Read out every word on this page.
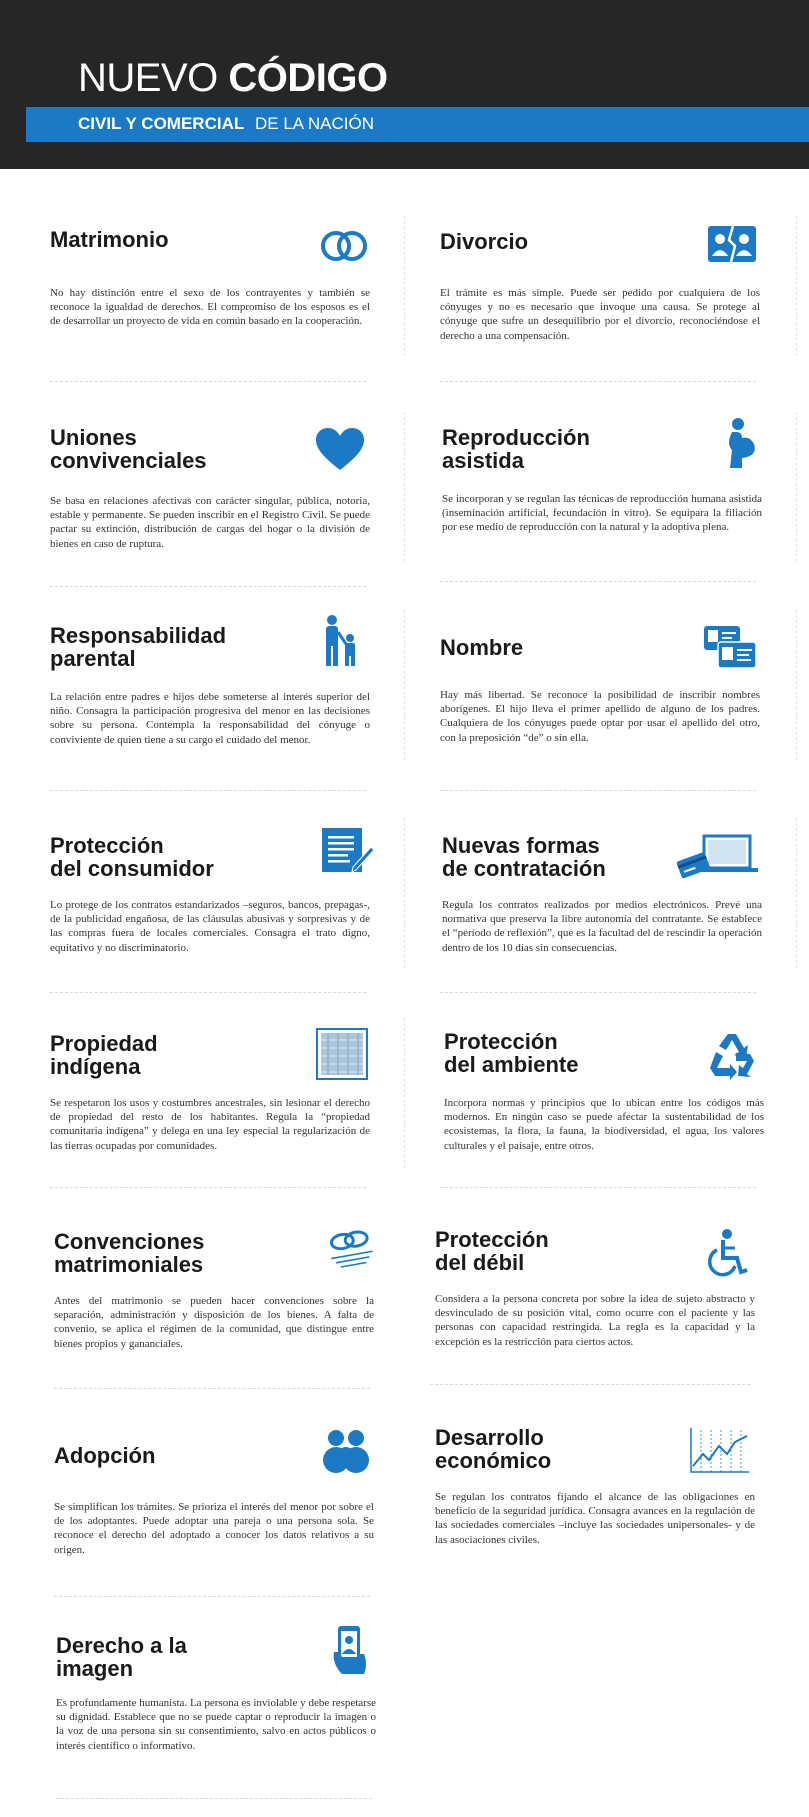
NUEVO CÓDIGO
CIVIL Y COMERCIAL DE LA NACIÓN
Matrimonio
No hay distinción entre el sexo de los contrayentes y también se reconoce la igualdad de derechos. El compromiso de los esposos es el de desarrollar un proyecto de vida en común basado en la cooperación.
Divorcio
El trámite es más simple. Puede ser pedido por cualquiera de los cónyuges y no es necesario que invoque una causa. Se protege al cónyuge que sufre un desequilibrio por el divorcio, reconociéndose el derecho a una compensación.
Uniones
convivenciales
Se basa en relaciones afectivas con carácter singular, pública, notoria, estable y permanente. Se pueden inscribir en el Registro Civil. Se puede pactar su extinción, distribución de cargas del hogar o la división de bienes en caso de ruptura.
Reproducción
asistida
Se incorporan y se regulan las técnicas de reproducción humana asistida (inseminación artificial, fecundación in vitro). Se equipara la filiación por ese medio de reproducción con la natural y la adoptiva plena.
Responsabilidad
parental
La relación entre padres e hijos debe someterse al interés superior del niño. Consagra la participación progresiva del menor en las decisiones sobre su persona. Contempla la responsabilidad del cónyuge o conviviente de quien tiene a su cargo el cuidado del menor.
Nombre
Hay más libertad. Se reconoce la posibilidad de inscribir nombres aborígenes. El hijo lleva el primer apellido de alguno de los padres. Cualquiera de los cónyuges puede optar por usar el apellido del otro, con la preposición “de” o sin ella.
Protección
del consumidor
Lo protege de los contratos estandarizados –seguros, bancos, prepagas-, de la publicidad engañosa, de las cláusulas abusivas y sorpresivas y de las compras fuera de locales comerciales. Consagra el trato digno, equitativo y no discriminatorio.
Nuevas formas
de contratación
Regula los contratos realizados por medios electrónicos. Prevé una normativa que preserva la libre autonomía del contratante. Se establece el “período de reflexión”, que es la facultad del de rescindir la operación dentro de los 10 días sin consecuencias.
Propiedad
indígena
Se respetaron los usos y costumbres ancestrales, sin lesionar el derecho de propiedad del resto de los habitantes. Regula la “propiedad comunitaria indígena” y delega en una ley especial la regularización de las tierras ocupadas por comunidades.
Protección
del ambiente
Incorpora normas y principios que lo ubican entre los códigos más modernos. En ningún caso se puede afectar la sustentabilidad de los ecosistemas, la flora, la fauna, la biodiversidad, el agua, los valores culturales y el paisaje, entre otros.
Convenciones
matrimoniales
Antes del matrimonio se pueden hacer convenciones sobre la separación, administración y disposición de los bienes. A falta de convenio, se aplica el régimen de la comunidad, que distingue entre bienes propios y gananciales.
Protección
del débil
Considera a la persona concreta por sobre la idea de sujeto abstracto y desvinculado de su posición vital, como ocurre con el paciente y las personas con capacidad restringida. La regla es la capacidad y la excepción es la restricción para ciertos actos.
Adopción
Se simplifican los trámites. Se prioriza el interés del menor por sobre el de los adoptantes. Puede adoptar una pareja o una persona sola. Se reconoce el derecho del adoptado a conocer los datos relativos a su origen.
Desarrollo
económico
Se regulan los contratos fijando el alcance de las obligaciones en beneficio de la seguridad jurídica. Consagra avances en la regulación de las sociedades comerciales –incluye las sociedades unipersonales- y de las asociaciones civiles.
Derecho a la
imagen
Es profundamente humanista. La persona es inviolable y debe respetarse su dignidad. Establece que no se puede captar o reproducir la imagen o la voz de una persona sin su consentimiento, salvo en actos públicos o interés científico o informativo.
